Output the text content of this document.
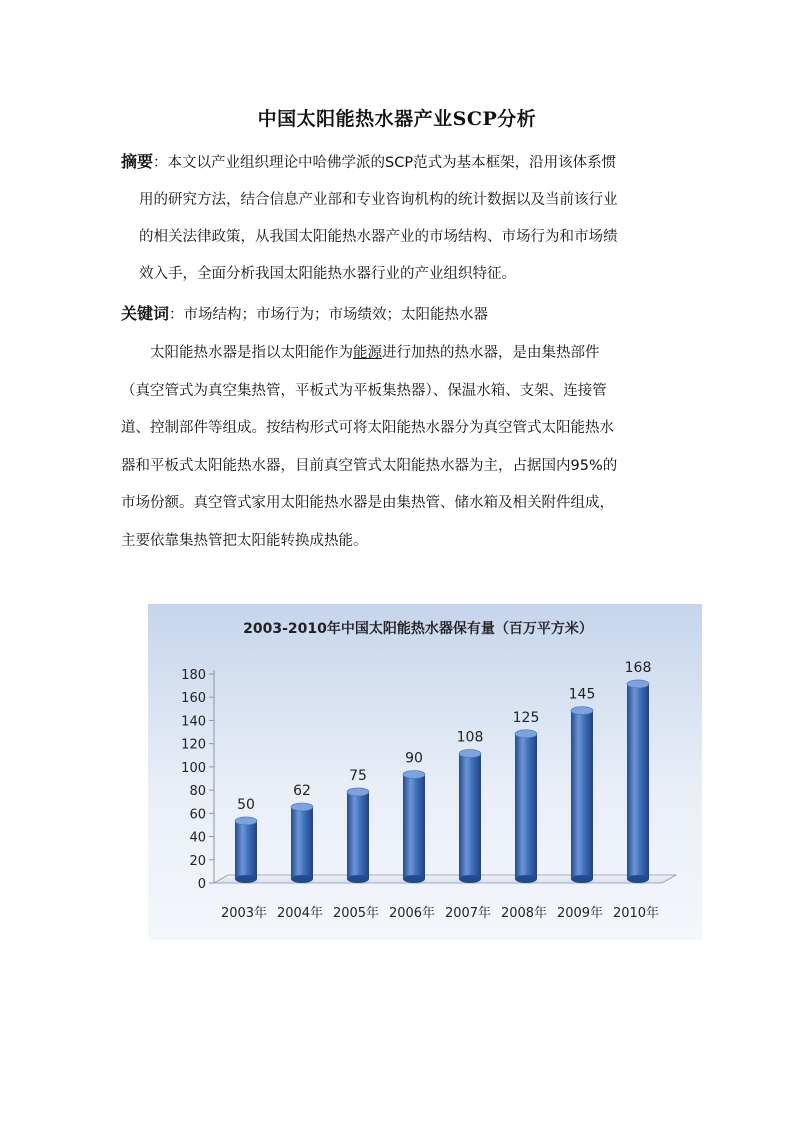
中国太阳能热水器产业SCP分析
摘要：本文以产业组织理论中哈佛学派的SCP范式为基本框架，沿用该体系惯
用的研究方法，结合信息产业部和专业咨询机构的统计数据以及当前该行业
的相关法律政策，从我国太阳能热水器产业的市场结构、市场行为和市场绩
效入手，全面分析我国太阳能热水器行业的产业组织特征。
关键词：市场结构；市场行为；市场绩效；太阳能热水器
太阳能热水器是指以太阳能作为能源进行加热的热水器，是由集热部件
（真空管式为真空集热管，平板式为平板集热器）、保温水箱、支架、连接管
道、控制部件等组成。按结构形式可将太阳能热水器分为真空管式太阳能热水
器和平板式太阳能热水器，目前真空管式太阳能热水器为主，占据国内95%的
市场份额。真空管式家用太阳能热水器是由集热管、储水箱及相关附件组成，
主要依靠集热管把太阳能转换成热能。
2003-2010年中国太阳能热水器保有量（百万平方米）
0
20
40
60
80
100
120
140
160
180
2003年 2004年 2005年 2006年 2007年 2008年 2009年 2010年
50
62
75
90
108
125
145
168
